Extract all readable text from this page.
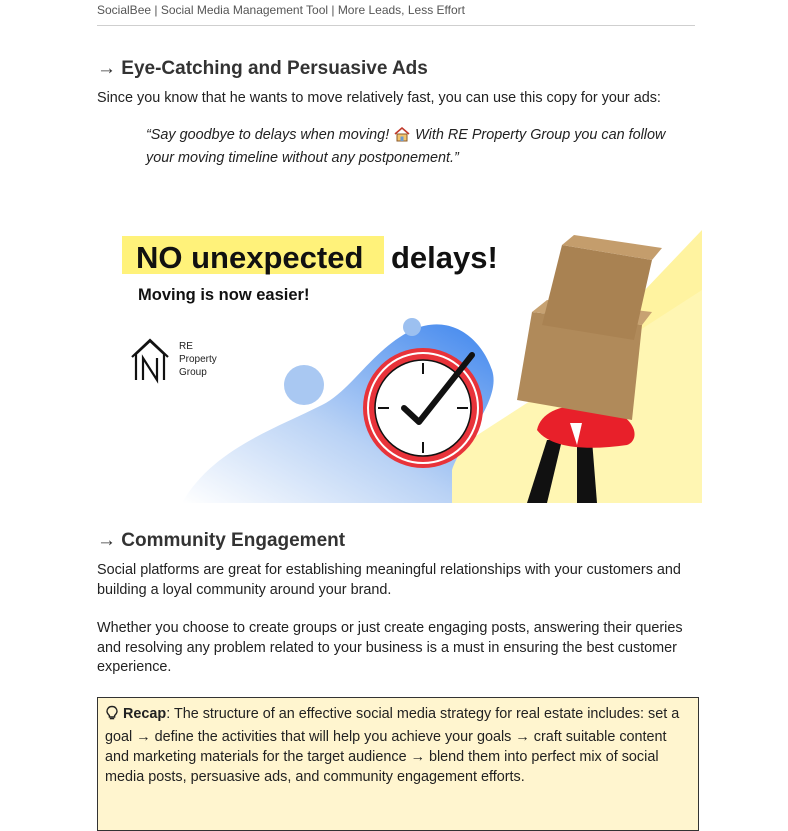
SocialBee | Social Media Management Tool | More Leads, Less Effort
→ Eye-Catching and Persuasive Ads

Since you know that he wants to move relatively fast, you can use this copy for your ads:

“Say goodbye to delays when moving!  With RE Property Group you can follow your moving timeline without any postponement.”

NO unexpected delays!
Moving is now easier!
RE
Property
Group
→ Community Engagement

Social platforms are great for establishing meaningful relationships with your customers and building a loyal community around your brand.

Whether you choose to create groups or just create engaging posts, answering their queries and resolving any problem related to your business is a must in ensuring the best customer experience.

Recap: The structure of an effective social media strategy for real estate includes: set a goal → define the activities that will help you achieve your goals → craft suitable content and marketing materials for the target audience → blend them into perfect mix of social media posts, persuasive ads, and community engagement efforts.
